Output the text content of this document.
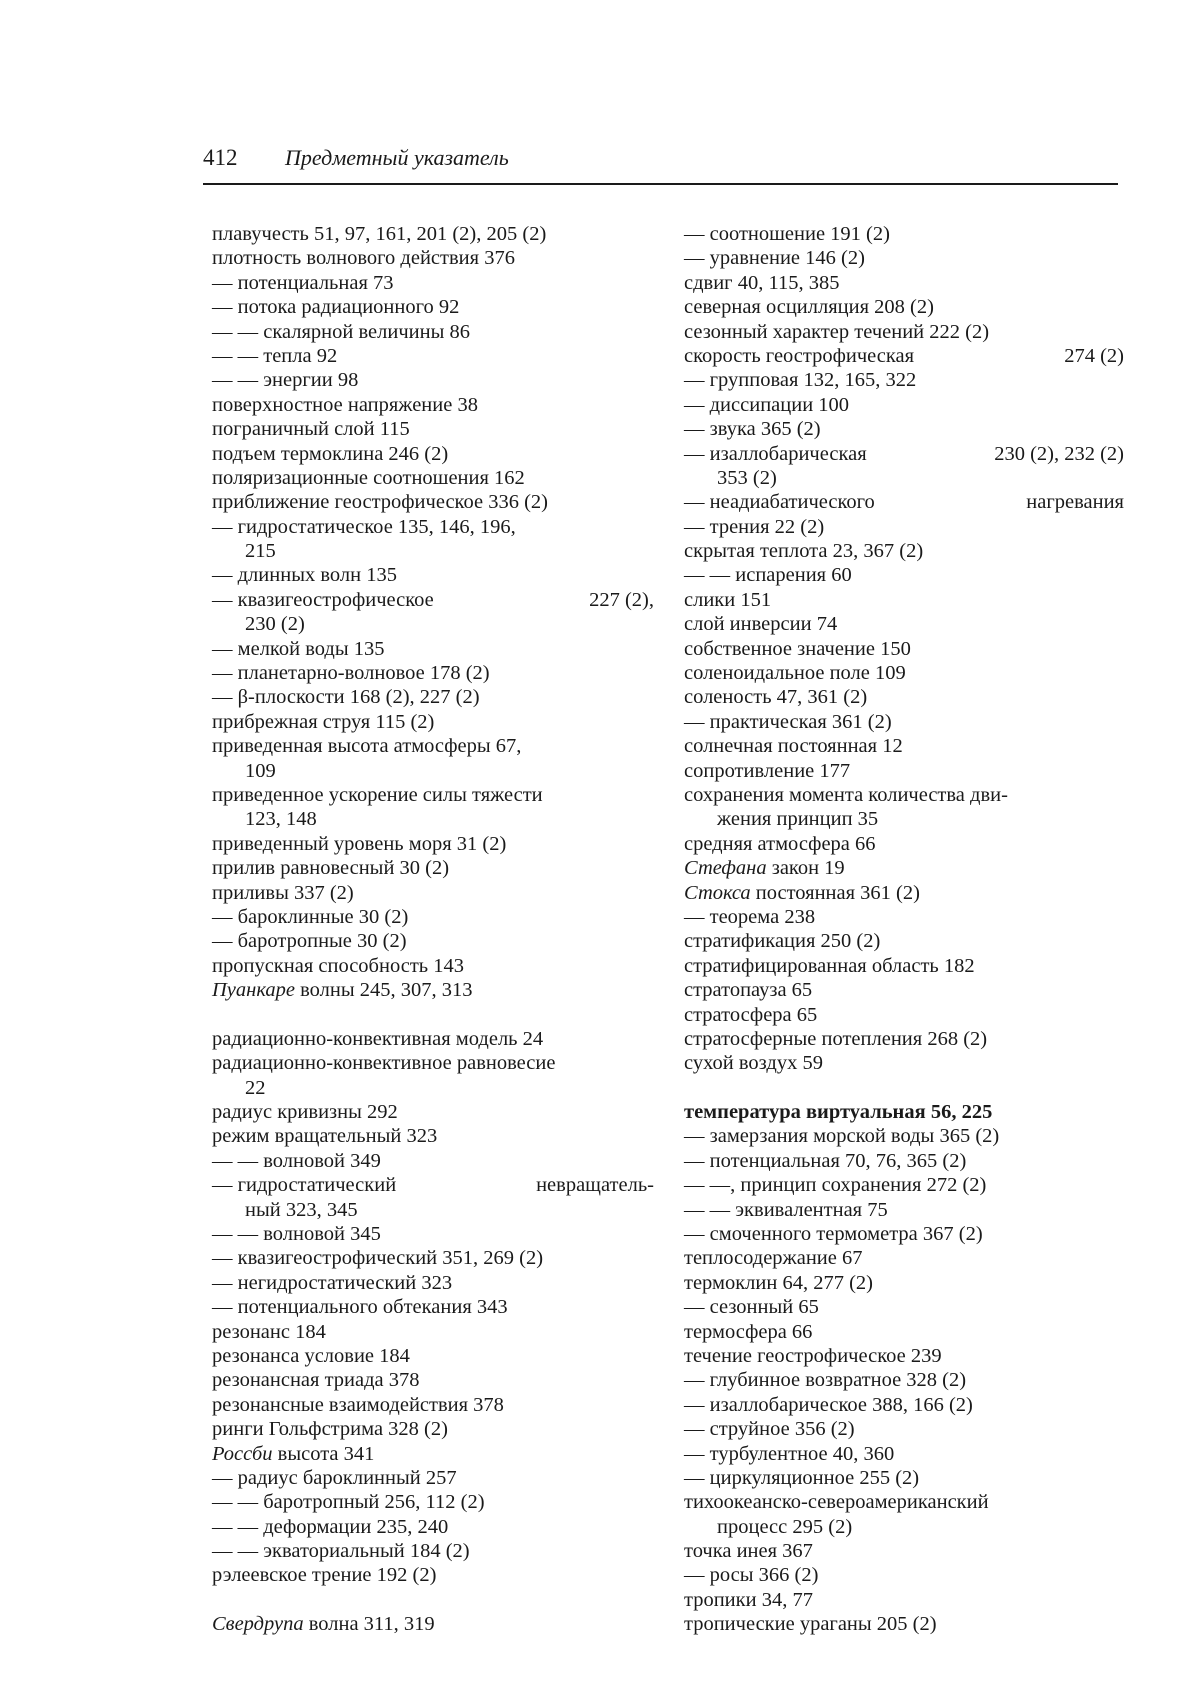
412 Предметный указатель
плавучесть 51, 97, 161, 201 (2), 205 (2)
плотность волнового действия 376
— потенциальная 73
— потока радиационного 92
— — скалярной величины 86
— — тепла 92
— — энергии 98
поверхностное напряжение 38
пограничный слой 115
подъем термоклина 246 (2)
поляризационные соотношения 162
приближение геострофическое 336 (2)
— гидростатическое 135, 146, 196,
215
— длинных волн 135
— квазигеострофическое	227 (2),
230 (2)
— мелкой воды 135
— планетарно-волновое 178 (2)
— β-плоскости 168 (2), 227 (2)
прибрежная струя 115 (2)
приведенная высота атмосферы 67,
109
приведенное ускорение силы тяжести
123, 148
приведенный уровень моря 31 (2)
прилив равновесный 30 (2)
приливы 337 (2)
— бароклинные 30 (2)
— баротропные 30 (2)
пропускная способность 143
Пуанкаре волны 245, 307, 313
радиационно-конвективная модель 24
радиационно-конвективное равновесие
22
радиус кривизны 292
режим вращательный 323
— — волновой 349
— гидростатический	невращатель-
ный 323, 345
— — волновой 345
— квазигеострофический 351, 269 (2)
— негидростатический 323
— потенциального обтекания 343
резонанс 184
резонанса условие 184
резонансная триада 378
резонансные взаимодействия 378
ринги Гольфстрима 328 (2)
Россби высота 341
— радиус бароклинный 257
— — баротропный 256, 112 (2)
— — деформации 235, 240
— — экваториальный 184 (2)
рэлеевское трение 192 (2)
Свердрупа волна 311, 319
— соотношение 191 (2)
— уравнение 146 (2)
сдвиг 40, 115, 385
северная осцилляция 208 (2)
сезонный характер течений 222 (2)
скорость геострофическая	274 (2)
— групповая 132, 165, 322
— диссипации 100
— звука 365 (2)
— изаллобарическая	230 (2), 232 (2)
353 (2)
— неадиабатического	нагревания
— трения 22 (2)
скрытая теплота 23, 367 (2)
— — испарения 60
слики 151
слой инверсии 74
собственное значение 150
соленоидальное поле 109
соленость 47, 361 (2)
— практическая 361 (2)
солнечная постоянная 12
сопротивление 177
сохранения момента количества дви-
жения принцип 35
средняя атмосфера 66
Стефана закон 19
Стокса постоянная 361 (2)
— теорема 238
стратификация 250 (2)
стратифицированная область 182
стратопауза 65
стратосфера 65
стратосферные потепления 268 (2)
сухой воздух 59
температура виртуальная 56, 225
— замерзания морской воды 365 (2)
— потенциальная 70, 76, 365 (2)
— —, принцип сохранения 272 (2)
— — эквивалентная 75
— смоченного термометра 367 (2)
теплосодержание 67
термоклин 64, 277 (2)
— сезонный 65
термосфера 66
течение геострофическое 239
— глубинное возвратное 328 (2)
— изаллобарическое 388, 166 (2)
— струйное 356 (2)
— турбулентное 40, 360
— циркуляционное 255 (2)
тихоокеанско-североамериканский
процесс 295 (2)
точка инея 367
— росы 366 (2)
тропики 34, 77
тропические ураганы 205 (2)
